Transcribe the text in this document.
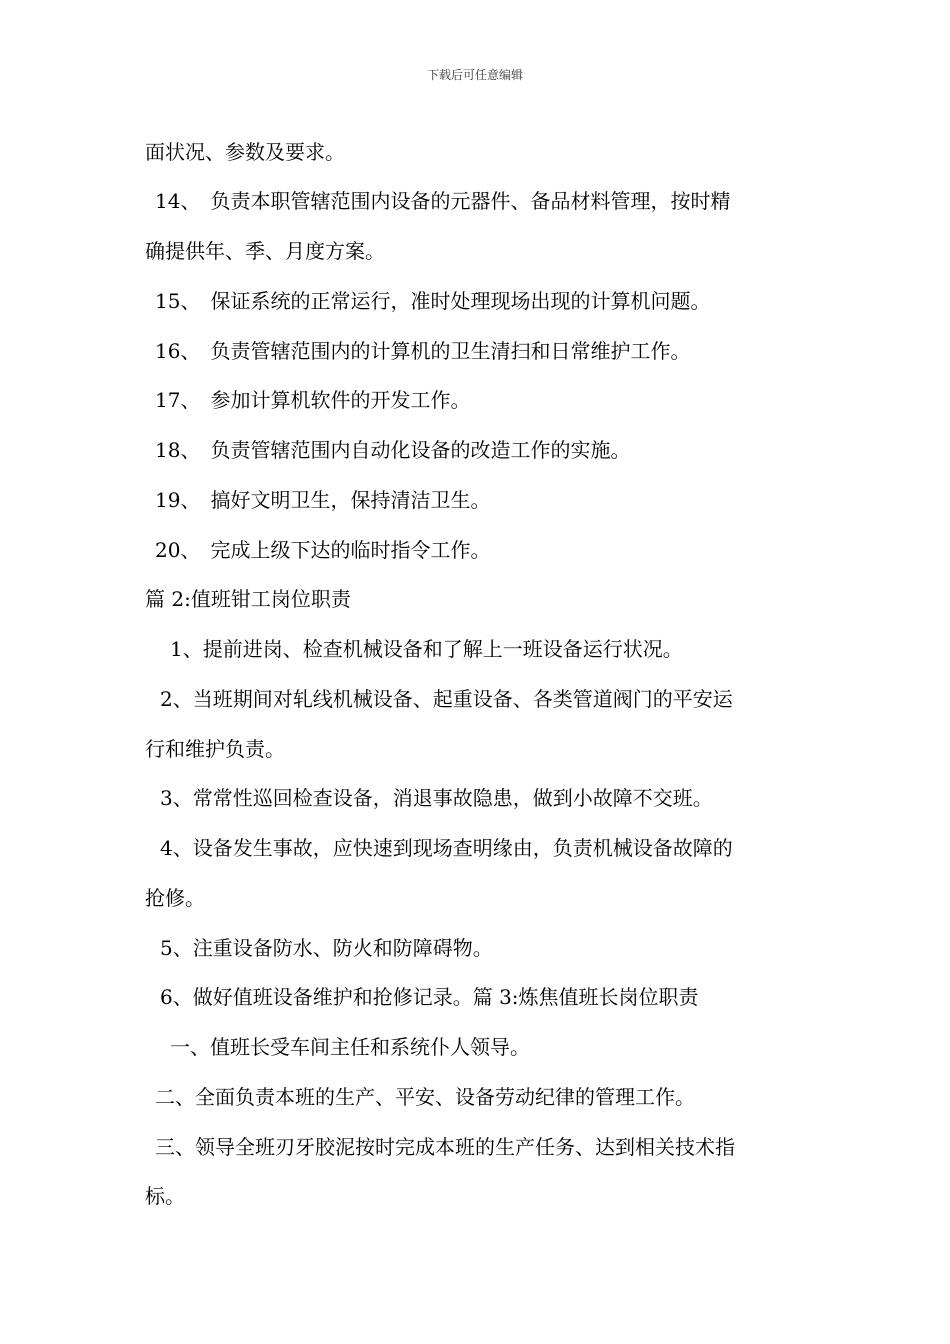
下载后可任意编辑
面状况、参数及要求。
14、　负责本职管辖范围内设备的元器件、备品材料管理，按时精
确提供年、季、月度方案。
15、　保证系统的正常运行，准时处理现场出现的计算机问题。
16、　负责管辖范围内的计算机的卫生清扫和日常维护工作。
17、　参加计算机软件的开发工作。
18、　负责管辖范围内自动化设备的改造工作的实施。
19、　搞好文明卫生，保持清洁卫生。
20、　完成上级下达的临时指令工作。
篇 2:值班钳工岗位职责
1、提前进岗、检查机械设备和了解上一班设备运行状况。
2、当班期间对轧线机械设备、起重设备、各类管道阀门的平安运
行和维护负责。
3、常常性巡回检查设备，消退事故隐患，做到小故障不交班。
4、设备发生事故，应快速到现场查明缘由，负责机械设备故障的
抢修。
5、注重设备防水、防火和防障碍物。
6、做好值班设备维护和抢修记录。篇 3:炼焦值班长岗位职责
一、值班长受车间主任和系统仆人领导。
二、全面负责本班的生产、平安、设备劳动纪律的管理工作。
三、领导全班刃牙胶泥按时完成本班的生产任务、达到相关技术指
标。
